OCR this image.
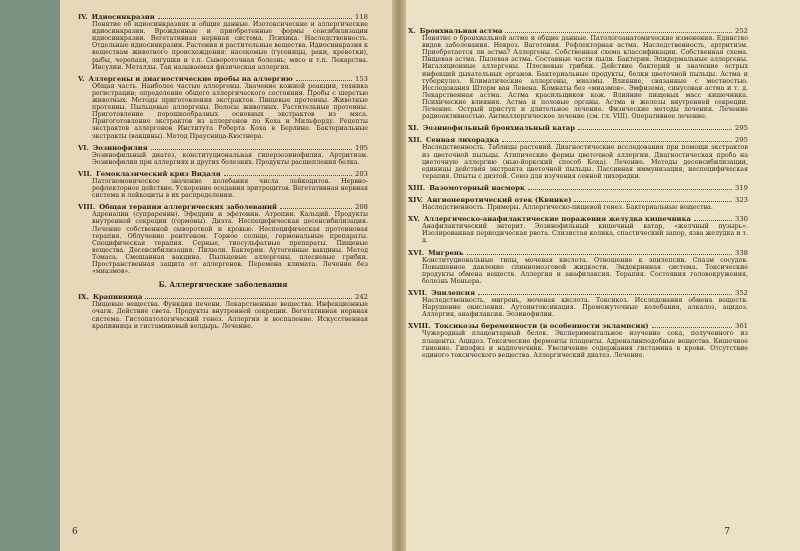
IV. Идиосинкразии	118
Понятие об идиосинкразиях и общие данные. Изотоксические и аллергические идиосинкразии. Врожденные и приобретенные формы сенсибилизации идиосинкразии. Вегетативная нервная система. Психика. Наследственность. Отдельные идиосинкразии. Растения и растительные вещества. Идиосинкразия к веществам животного происхождения: насекомые (гусеницы, раки, креветки), рыбы, черепахи, лягушки и т.п. Сывороточная болезнь; мясо и т.п. Лекарства. Инсулин. Металлы. Так называемая физическая аллергия.
V. Аллергены и диагностические пробы на аллергию	153
Общая часть. Наиболее частые аллергены. Значение кожной реакции, техника регистрации; определение общего аллергического состояния. Пробы с шерстью животных. Методы приготовления экстрактов. Пищевые протеины. Животные протеины. Пыльцевые аллергены. Волосы животных. Растительные протеины. Приготовление порошкообразных основных экстрактов из мяса. Пригоготовление экстрактов из аллергенов по Коха и Мильфорду. Рецепты экстрактов аллергенов Института Роберта Коха в Берлине. Бактериальные экстракты (вакцины). Метод Праусница-Кюстнера.
VI. Эозинофилия	195
Эозинофильный диатез, конституциональная гиперэозинофилия. Артритизм. Эозинофилия при аллергиях и других болезнях. Продукты расщепления белка.
VII. Гемоклазический криз Видаля	203
Патогномоническое значение колебания числа лейкоцитов. Нервно-рефлекторное действие. Ускорение оседания эритроцитов. Вегетативная нервная система и лейкоциты в их распределении.
VIII. Общая терапия аллергических заболеваний	208
Адреналин (супраренин). Эфедрин и эфетонин. Атропин. Кальций. Продукты внутренней секреции (гормоны). Диэта. Неспецифическая десенсибилизация. Лечение собственной сывороткой и кровью. Неспецифическая протеиновая терапия. Облучение рентгеном. Горное солнце, гормональные препараты. Специфическая терапия. Серные, тиосульфатные препараты. Пищевые вещества. Десенсибилизация. Пилюли. Бактерии. Аутогенные вакцины. Метод Томаса. Смешанная вакцина. Пыльцевые аллергены, плесневые грибки. Пространственная защита от аллергенов. Перемена климата. Лечение без «миазмов».
Б. Аллергические заболевания
IX. Крапивница	242
Пищевые вещества. Функция печени. Лекарственные вещества. Инфекционные очаги. Действие света. Продукты внутренней секреции. Вегетативная нервная система. Гистопатологический генез. Аллергия и воспаление. Искусственная крапивница и гистаминовый волдырь. Лечение.
6
X. Бронхиальная астма	252
Понятие о бронхиальной астме и общие данные. Патологоанатомические изменения. Единство видов заболевания. Невроз. Ваготония. Рефлекторная астма. Наследственность, артритизм. Приобретается ли астма? Аллергены. Собственная схема классификации. Собственная схема. Пищевая астма. Пылевая астма. Составные части пыли. Бактерии. Эпидермальные аллергены. Ингаляционные аллергены. Плесневые грибки. Действие бактерий и значение острых инфекций дыхательных органов. Бактериальные продукты, белки цветочной пыльцы. Астма и туберкулез. Климатические аллергены, миазмы. Влияние, связанные с местностью. Исследования Шторм ван Левена. Комнаты без «миазмов». Эмфизема, синусовая астма и т. д. Лекарственная астма. Астма красильщиков кож. Влияние пищевых масс кишечника. Психические влияния. Астма и половые органы. Астма и железы внутренней секреции. Лечение. Острый приступ и длительное лечение. Физические методы лечения. Лечение радиоактивностью. Антиаллергическое лечение (см. гл. VIII). Оперативное лечение.
XI. Эозинофильный бронхиальный катар	295
XII. Сенная лихорадка	295
Наследственность. Таблицы растений. Диагностические исследования при помощи экстрактов из цветочной пыльцы. Атипические формы цветочной аллергии. Диагностическая проба на цветочную аллергию (нью-йоркский способ Коха). Лечение. Методы десенсибилизации, единицы действия экстракта цветочной пыльцы. Пассивная иммунизация, неспецифическая терапия. Опыты с диэтой. Союз для изучения сенной лихорадки.
XIII. Вазомоторный насморк	319
XIV. Ангионевротический отек (Квинке)	323
Наследственность. Примеры. Аллергическо-пищевой генез. Бактериальные вещества.
XV. Аллергическо-анафилактические поражения желудка кишечника	330
Анафилактический энтерит. Эозинофильный кишечный катар, «желчный пузырь». Изолированная периодическая рвота. Слизистая колика, спастический запор, язва желудка и т. д.
XVI. Мигрень	338
Конституциональные типы, мочевая кислота. Отношение к эпилепсии. Спазм сосудов. Повышенное давление спинномозговой жидкости. Эндокринная система. Токсические продукты обмена веществ. Аллергия и анафилаксия. Терапия. Состояния головокружения, болезнь Меньера.
XVII. Эпилепсия	352
Наследственность, мигрень, мочевая кислота. Токсикоз. Исследования обмена веществ. Нарушение окисления. Аутоинтоксикация. Промежуточные колебания, алкалоз, ацидоз. Аллергия, анафилаксия. Эозинофилии.
XVIII. Токсикозы беременности (в особенности эклампсия)	361
Чужеродный плацентарный белок. Экспериментальное изучение сока, полученного из плаценты. Ацидоз. Токсические ферменты плаценты. Адреналинподобные вещества. Кишечное гниение. Гипофиз и надпочечник. Увеличение содержания гистамина в крови. Отсутствие единого токсического вещества. Аллергический диатез. Лечение.
7
